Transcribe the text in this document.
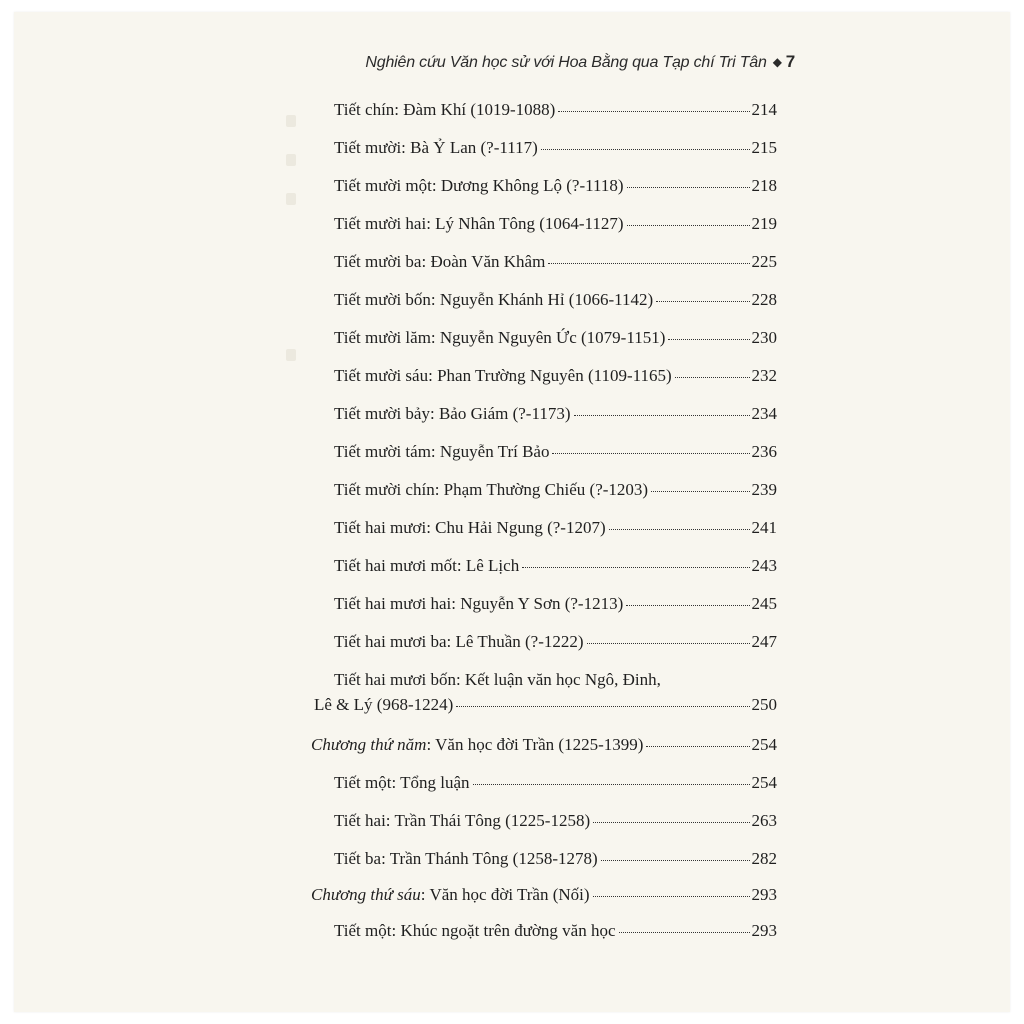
Nghiên cứu Văn học sử với Hoa Bằng qua Tạp chí Tri Tân ◆ 7
Tiết chín: Đàm Khí (1019-1088)	214
Tiết mười: Bà Ỷ Lan (?-1117)	215
Tiết mười một: Dương Không Lộ (?-1118)	218
Tiết mười hai: Lý Nhân Tông (1064-1127)	219
Tiết mười ba: Đoàn Văn Khâm	225
Tiết mười bốn: Nguyễn Khánh Hỉ (1066-1142)	228
Tiết mười lăm: Nguyễn Nguyên Ức (1079-1151)	230
Tiết mười sáu: Phan Trường Nguyên (1109-1165)	232
Tiết mười bảy: Bảo Giám (?-1173)	234
Tiết mười tám: Nguyễn Trí Bảo	236
Tiết mười chín: Phạm Thường Chiếu (?-1203)	239
Tiết hai mươi: Chu Hải Ngung (?-1207)	241
Tiết hai mươi mốt: Lê Lịch	243
Tiết hai mươi hai: Nguyễn Y Sơn (?-1213)	245
Tiết hai mươi ba: Lê Thuần (?-1222)	247
Tiết hai mươi bốn: Kết luận văn học Ngô, Đinh,
Lê & Lý (968-1224)	250
Chương thứ năm: Văn học đời Trần (1225-1399)	254
Tiết một: Tổng luận	254
Tiết hai: Trần Thái Tông (1225-1258)	263
Tiết ba: Trần Thánh Tông (1258-1278)	282
Chương thứ sáu: Văn học đời Trần (Nối)	293
Tiết một: Khúc ngoặt trên đường văn học	293
